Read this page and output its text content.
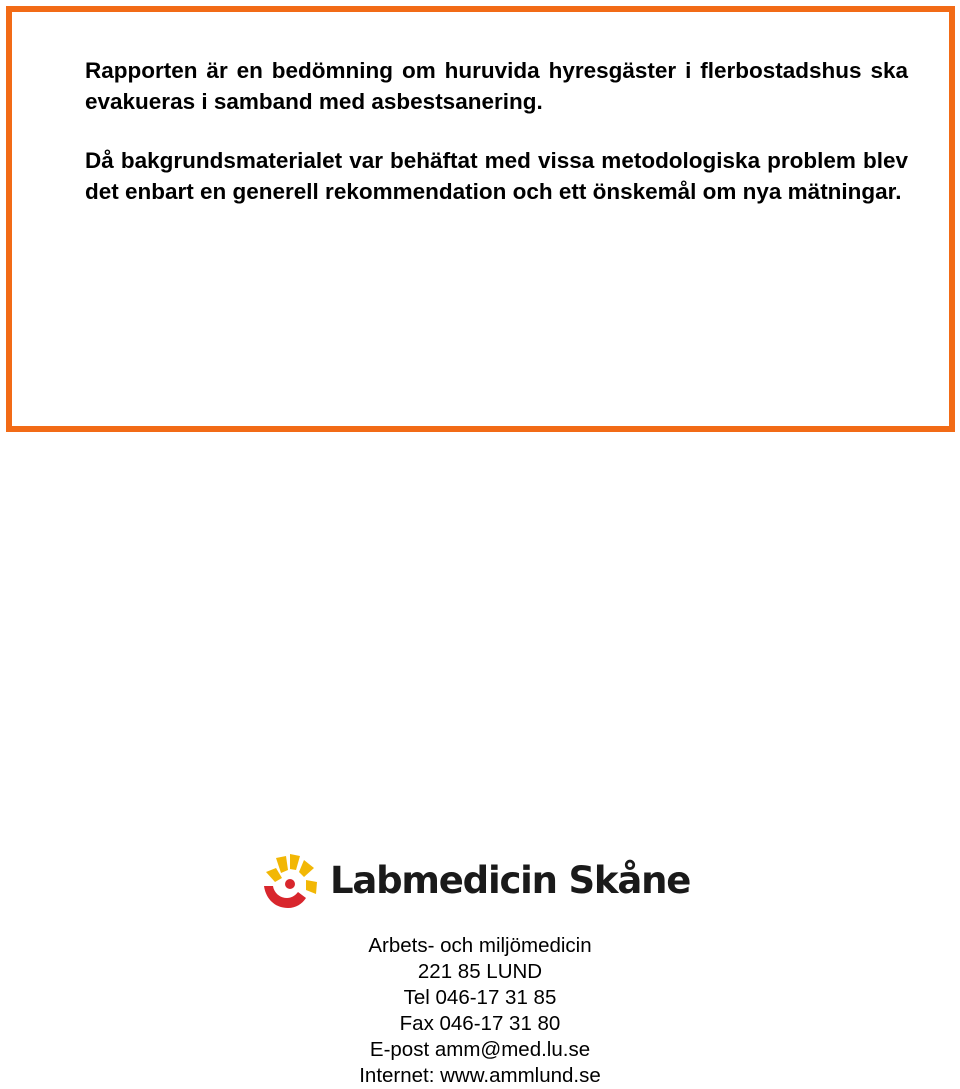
Rapporten är en bedömning om huruvida hyresgäster i flerbostadshus ska evakueras i samband med asbestsanering.

Då bakgrundsmaterialet var behäftat med vissa metodologiska problem blev det enbart en generell rekommendation och ett önskemål om nya mätningar.

Labmedicin Skåne
Arbets- och miljömedicin
221 85 LUND
Tel 046-17 31 85
Fax 046-17 31 80
E-post amm@med.lu.se
Internet: www.ammlund.se
